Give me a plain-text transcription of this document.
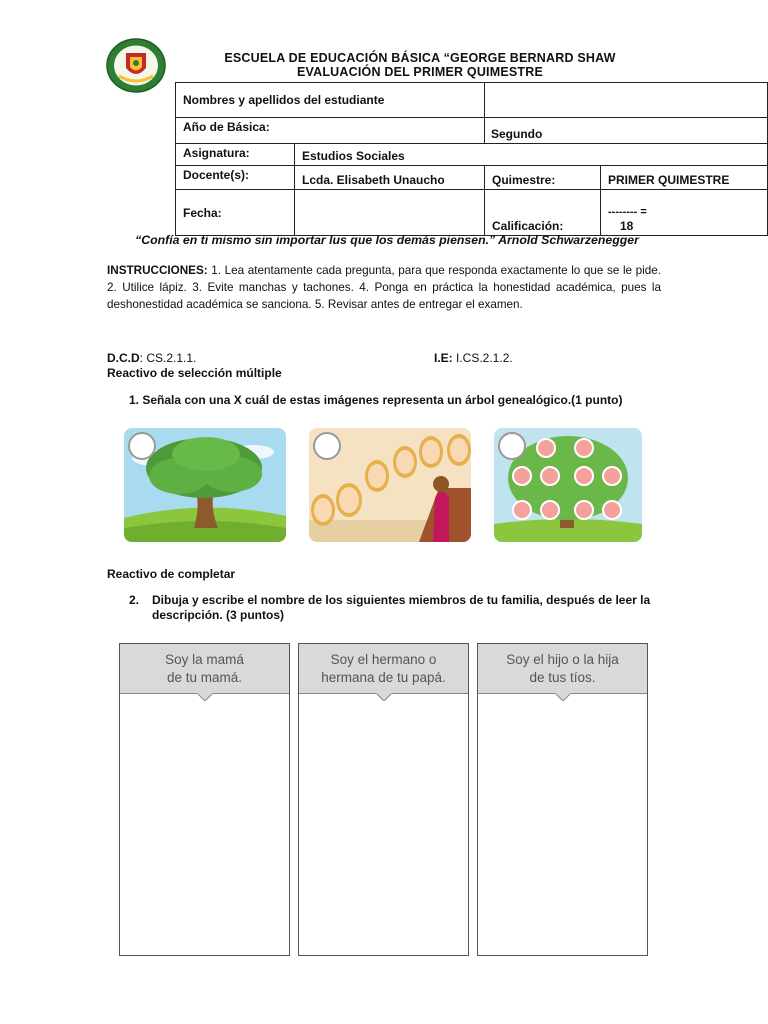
ESCUELA DE EDUCACIÓN BÁSICA “GEORGE BERNARD SHAW
EVALUACIÓN DEL PRIMER QUIMESTRE
Nombres y apellidos del estudiante			
Año de Básica:		Segundo	
Asignatura:	Estudios Sociales		
Docente(s):	Lcda. Elisabeth Unaucho	Quimestre:	PRIMER QUIMESTRE
Fecha:		Calificación:	-------- =
18
“Confía en ti mismo sin importar lus que los demás piensen.” Arnold Schwarzenegger
INSTRUCCIONES: 1. Lea atentamente cada pregunta, para que responda exactamente lo que se le pide. 2. Utilice lápiz. 3. Evite manchas y tachones. 4. Ponga en práctica la honestidad académica, pues la deshonestidad académica se sanciona. 5. Revisar antes de entregar el examen.
D.C.D: CS.2.1.1.	I.E: I.CS.2.1.2.
Reactivo de selección múltiple
1. Señala con una X cuál de estas imágenes representa un árbol genealógico.(1 punto)
Reactivo de completar
2.	Dibuja y escribe el nombre de los siguientes miembros de tu familia, después de leer la descripción. (3 puntos)
Soy la mamá
de tu mamá.
Soy el hermano o
hermana de tu papá.
Soy el hijo o la hija
de tus tíos.
